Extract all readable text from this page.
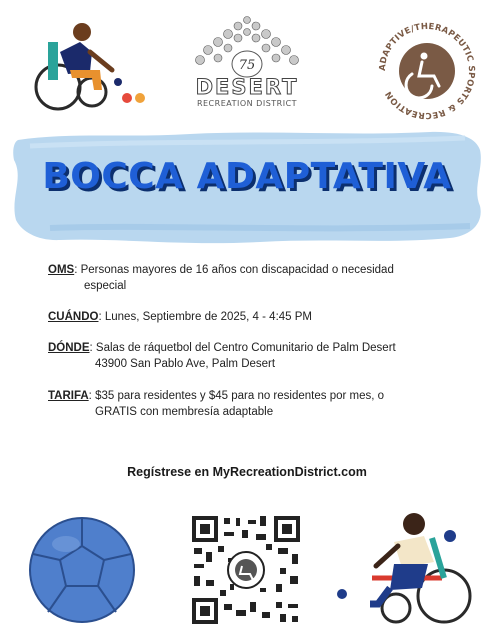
75
DESERT
RECREATION DISTRICT
ADAPTIVE/THERAPEUTIC SPORTS & RECREATION
BOCCA ADAPTATIVA
OMS: Personas mayores de 16 años con discapacidad o necesidad
especial
CUÁNDO: Lunes, Septiembre de 2025, 4 - 4:45 PM
DÓNDE: Salas de ráquetbol del Centro Comunitario de Palm Desert
43900 San Pablo Ave, Palm Desert
TARIFA: $35 para residentes y $45 para no residentes por mes, o
GRATIS con membresía adaptable
Regístrese en MyRecreationDistrict.com
